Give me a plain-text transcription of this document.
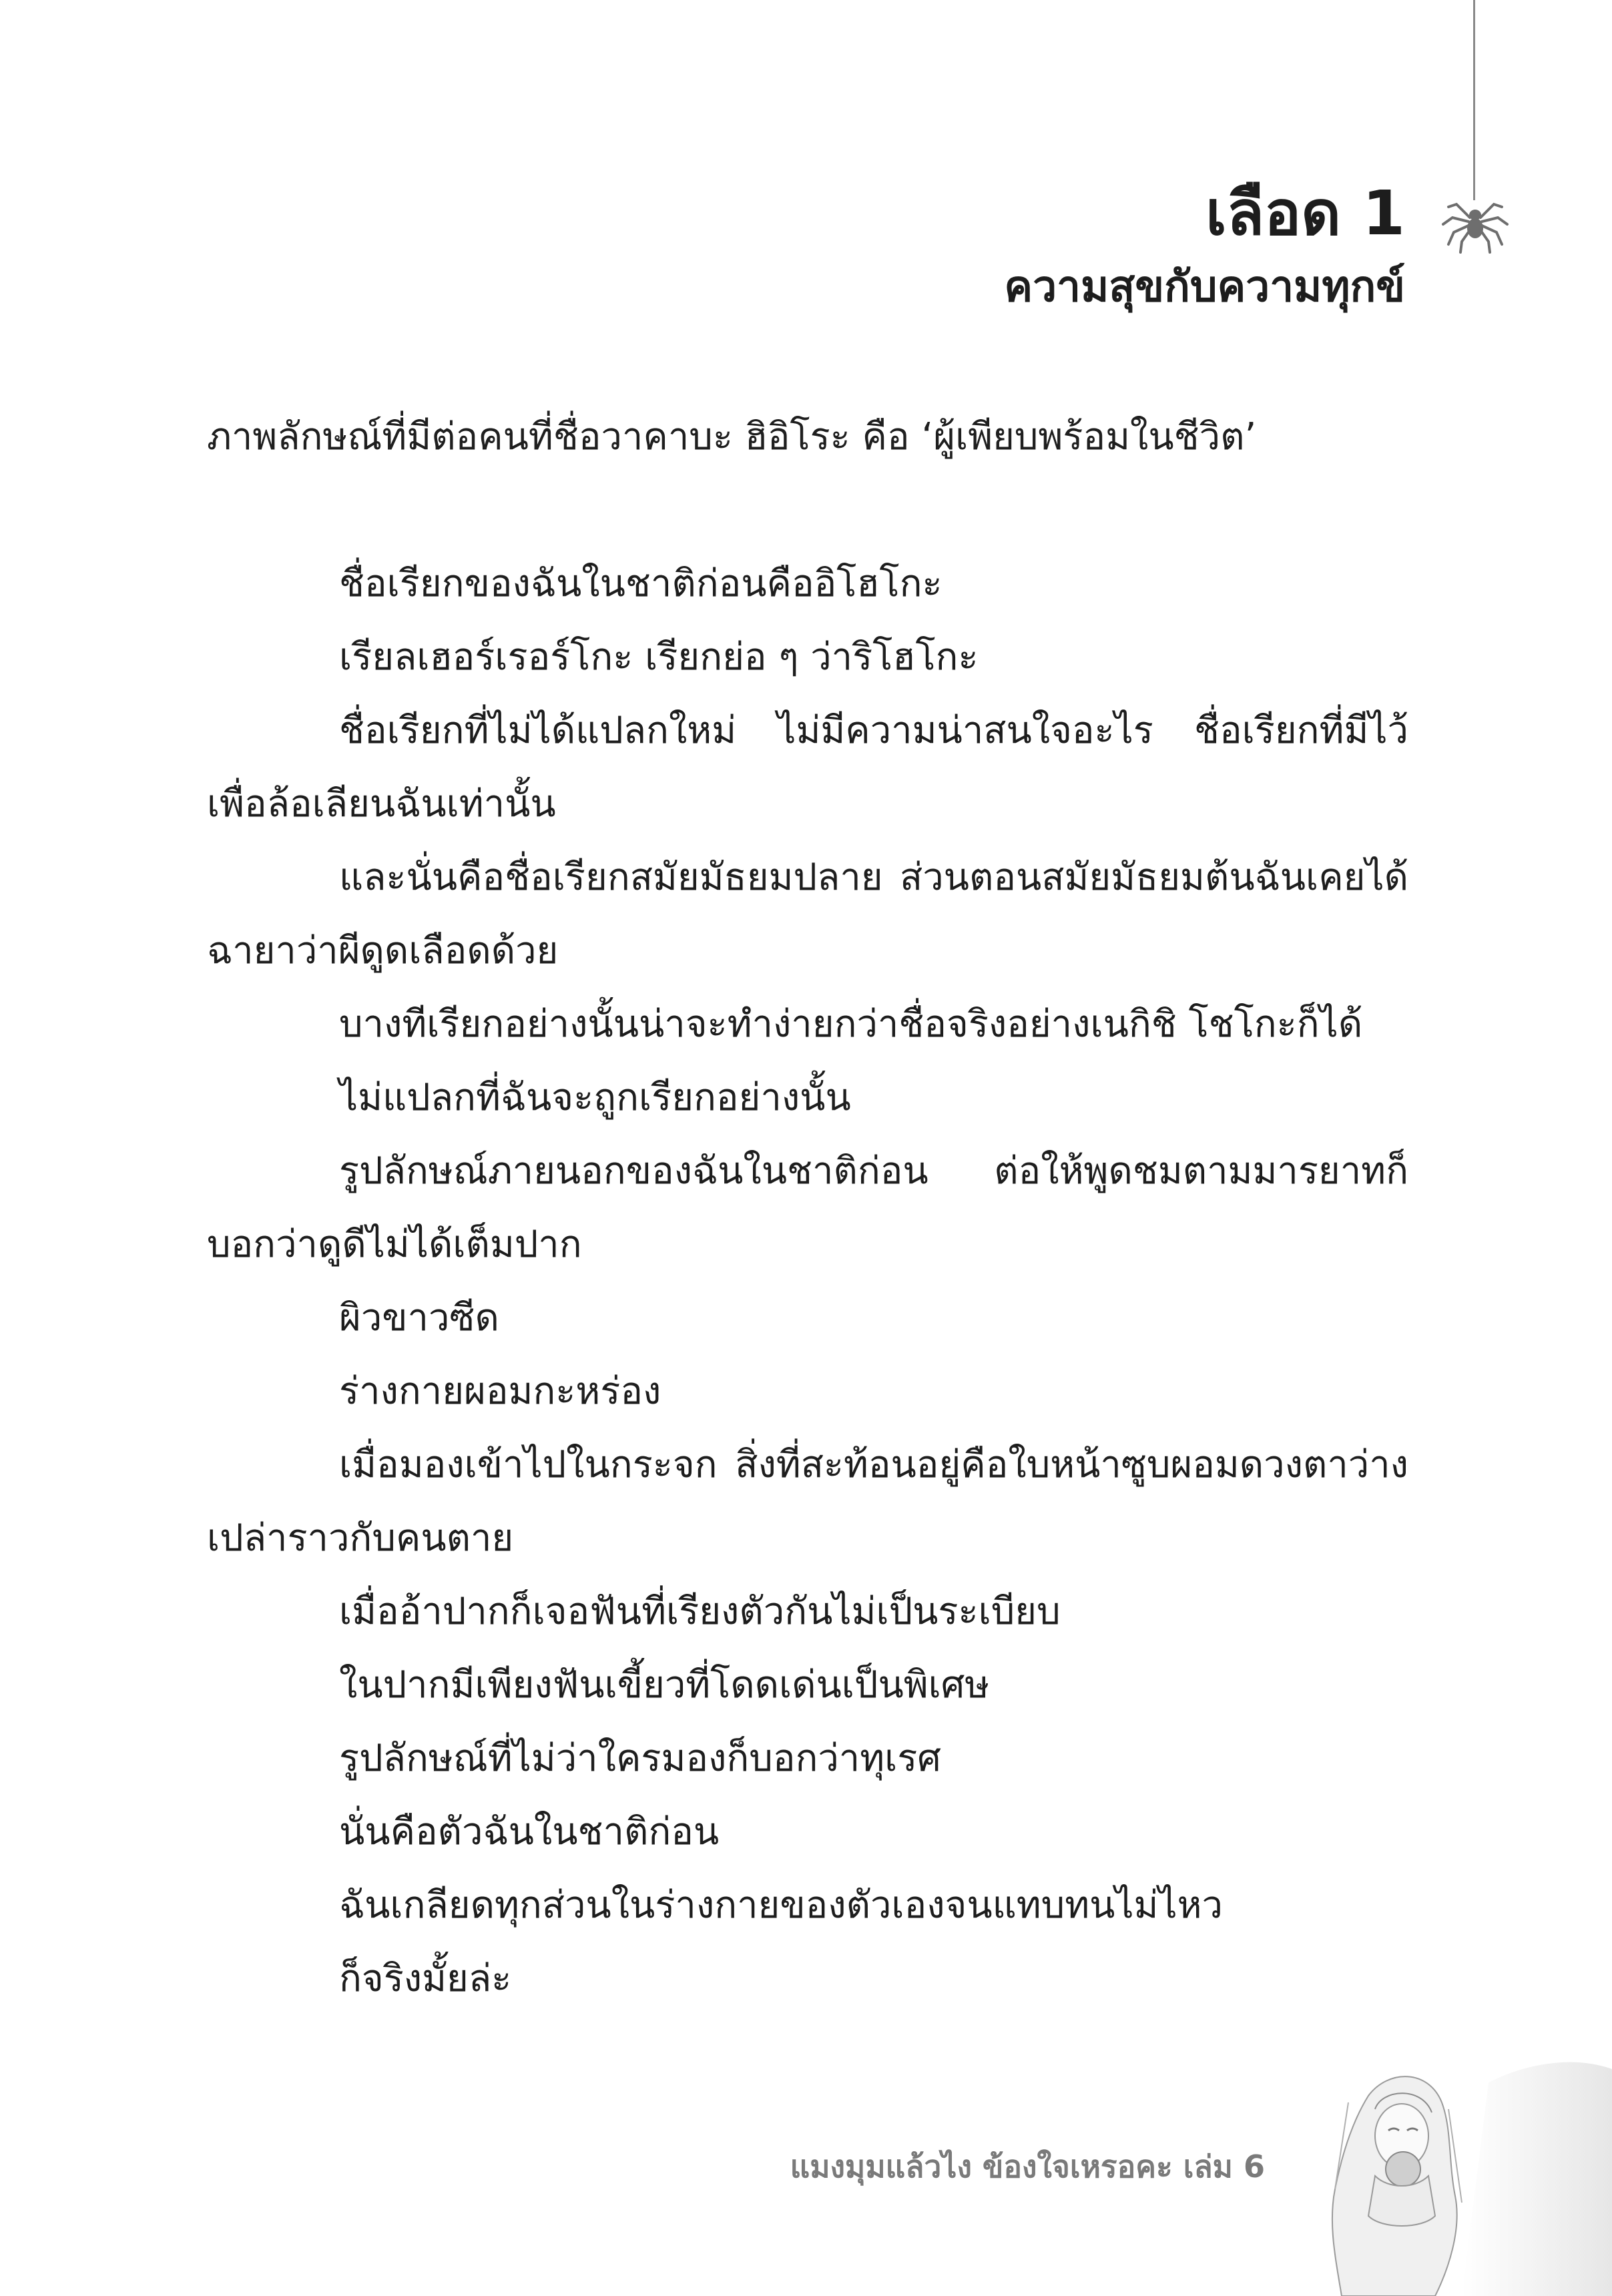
เลือด 1
ความสุขกับความทุกข์
ภาพลักษณ์ที่มีต่อคนที่ชื่อวาคาบะ ฮิอิโระ คือ ‘ผู้เพียบพร้อมในชีวิต’
ชื่อเรียกของฉันในชาติก่อนคืออิโฮโกะ
เรียลเฮอร์เรอร์โกะ เรียกย่อ ๆ ว่าริโฮโกะ
ชื่อเรียกที่ไม่ได้แปลกใหม่ ไม่มีความน่าสนใจอะไร ชื่อเรียกที่มีไว้เพื่อล้อเลียนฉันเท่านั้น
และนั่นคือชื่อเรียกสมัยมัธยมปลาย ส่วนตอนสมัยมัธยมต้นฉันเคยได้ฉายาว่าผีดูดเลือดด้วย
บางทีเรียกอย่างนั้นน่าจะทำง่ายกว่าชื่อจริงอย่างเนกิชิ โชโกะก็ได้
ไม่แปลกที่ฉันจะถูกเรียกอย่างนั้น
รูปลักษณ์ภายนอกของฉันในชาติก่อน ต่อให้พูดชมตามมารยาทก็บอกว่าดูดีไม่ได้เต็มปาก
ผิวขาวซีด
ร่างกายผอมกะหร่อง
เมื่อมองเข้าไปในกระจก สิ่งที่สะท้อนอยู่คือใบหน้าซูบผอมดวงตาว่างเปล่าราวกับคนตาย
เมื่ออ้าปากก็เจอฟันที่เรียงตัวกันไม่เป็นระเบียบ
ในปากมีเพียงฟันเขี้ยวที่โดดเด่นเป็นพิเศษ
รูปลักษณ์ที่ไม่ว่าใครมองก็บอกว่าทุเรศ
นั่นคือตัวฉันในชาติก่อน
ฉันเกลียดทุกส่วนในร่างกายของตัวเองจนแทบทนไม่ไหว
ก็จริงมั้ยล่ะ
แมงมุมแล้วไง ข้องใจเหรอคะ เล่ม 6
